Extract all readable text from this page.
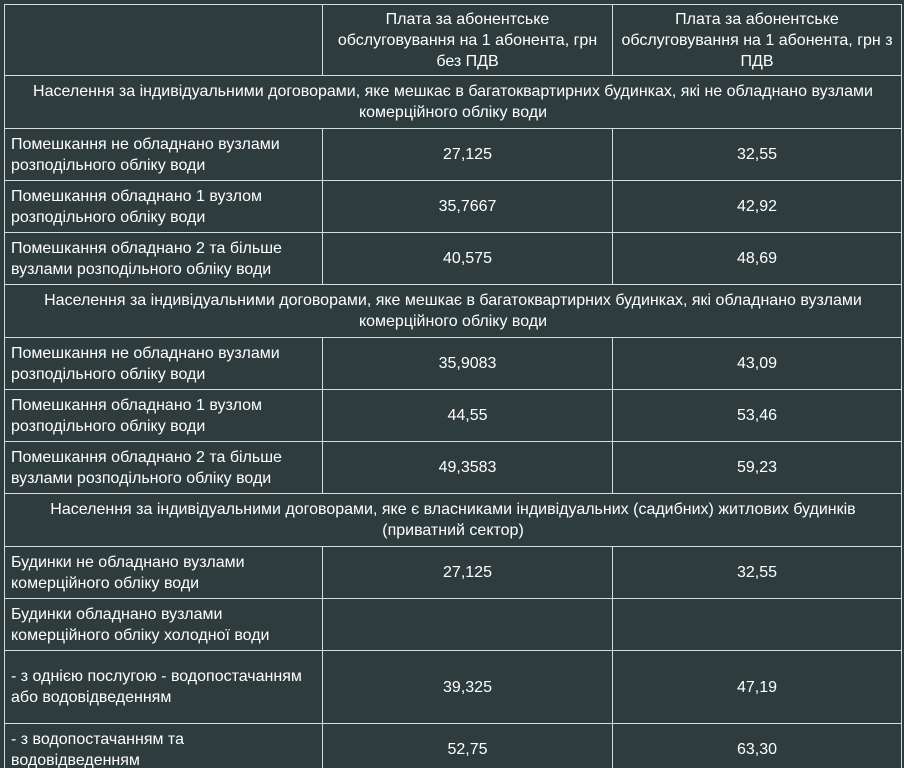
	Плата за абонентське обслуговування на 1 абонента, грн без ПДВ	Плата за абонентське обслуговування на 1 абонента, грн з ПДВ
Населення за індивідуальними договорами, яке мешкає в багатоквартирних будинках, які не обладнано вузлами комерційного обліку води		
Помешкання не обладнано вузлами розподільного обліку води	27,125	32,55
Помешкання обладнано 1 вузлом розподільного обліку води	35,7667	42,92
Помешкання обладнано 2 та більше вузлами розподільного обліку води	40,575	48,69
Населення за індивідуальними договорами, яке мешкає в багатоквартирних будинках, які обладнано вузлами комерційного обліку води		
Помешкання не обладнано вузлами розподільного обліку води	35,9083	43,09
Помешкання обладнано 1 вузлом розподільного обліку води	44,55	53,46
Помешкання обладнано 2 та більше вузлами розподільного обліку води	49,3583	59,23
Населення за індивідуальними договорами, яке є власниками індивідуальних (садибних) житлових будинків (приватний сектор)		
Будинки не обладнано вузлами комерційного обліку води	27,125	32,55
Будинки обладнано вузлами комерційного обліку холодної води		
- з однією послугою - водопостачанням або водовідведенням	39,325	47,19
- з водопостачанням та водовідведенням	52,75	63,30
